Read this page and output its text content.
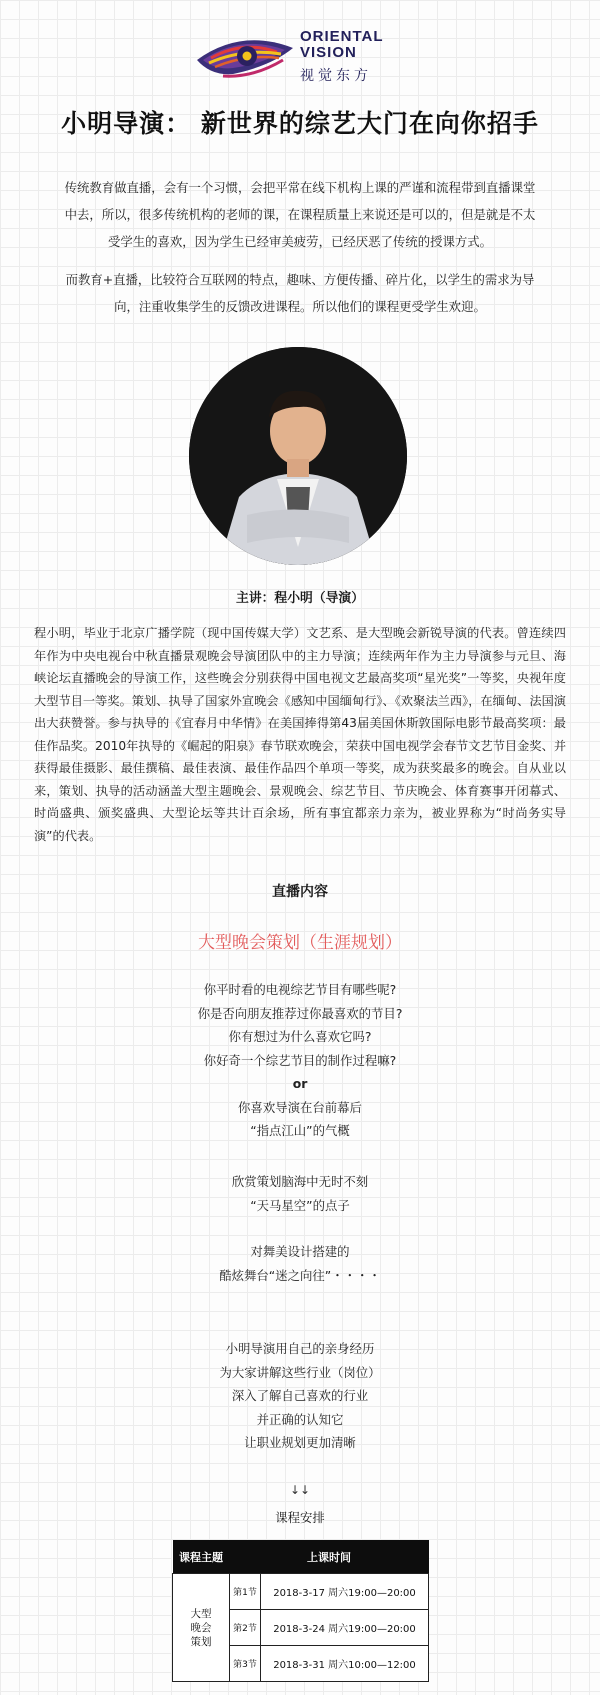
ORIENTAL
VISION
视觉东方
小明导演： 新世界的综艺大门在向你招手
传统教育做直播，会有一个习惯，会把平常在线下机构上课的严谨和流程带到直播课堂中去，所以，很多传统机构的老师的课，在课程质量上来说还是可以的，但是就是不太受学生的喜欢，因为学生已经审美疲劳，已经厌恶了传统的授课方式。
而教育+直播，比较符合互联网的特点，趣味、方便传播、碎片化，以学生的需求为导向，注重收集学生的反馈改进课程。所以他们的课程更受学生欢迎。
主讲：程小明（导演）
程小明，毕业于北京广播学院（现中国传媒大学）文艺系、是大型晚会新锐导演的代表。曾连续四年作为中央电视台中秋直播景观晚会导演团队中的主力导演；连续两年作为主力导演参与元旦、海峡论坛直播晚会的导演工作，这些晚会分别获得中国电视文艺最高奖项“星光奖”一等奖，央视年度大型节目一等奖。策划、执导了国家外宣晚会《感知中国缅甸行》、《欢聚法兰西》，在缅甸、法国演出大获赞誉。参与执导的《宜春月中华情》在美国捧得第43届美国休斯敦国际电影节最高奖项：最佳作品奖。2010年执导的《崛起的阳泉》春节联欢晚会，荣获中国电视学会春节文艺节目金奖、并获得最佳摄影、最佳撰稿、最佳表演、最佳作品四个单项一等奖，成为获奖最多的晚会。自从业以来，策划、执导的活动涵盖大型主题晚会、景观晚会、综艺节目、节庆晚会、体育赛事开闭幕式、时尚盛典、颁奖盛典、大型论坛等共计百余场，所有事宜都亲力亲为，被业界称为“时尚务实导演”的代表。
直播内容
大型晚会策划（生涯规划）
你平时看的电视综艺节目有哪些呢?
你是否向朋友推荐过你最喜欢的节目?
你有想过为什么喜欢它吗?
你好奇一个综艺节目的制作过程嘛?
or
你喜欢导演在台前幕后
“指点江山”的气概
欣赏策划脑海中无时不刻
“天马星空”的点子
对舞美设计搭建的
酷炫舞台“迷之向往”・・・・
小明导演用自己的亲身经历
为大家讲解这些行业（岗位）
深入了解自己喜欢的行业
并正确的认知它
让职业规划更加清晰
↓↓
课程安排
课程主题	上课时间	
大型晚会策划	第1节	2018-3-17 周六19:00—20:00
	第2节	2018-3-24 周六19:00—20:00
	第3节	2018-3-31 周六10:00—12:00
